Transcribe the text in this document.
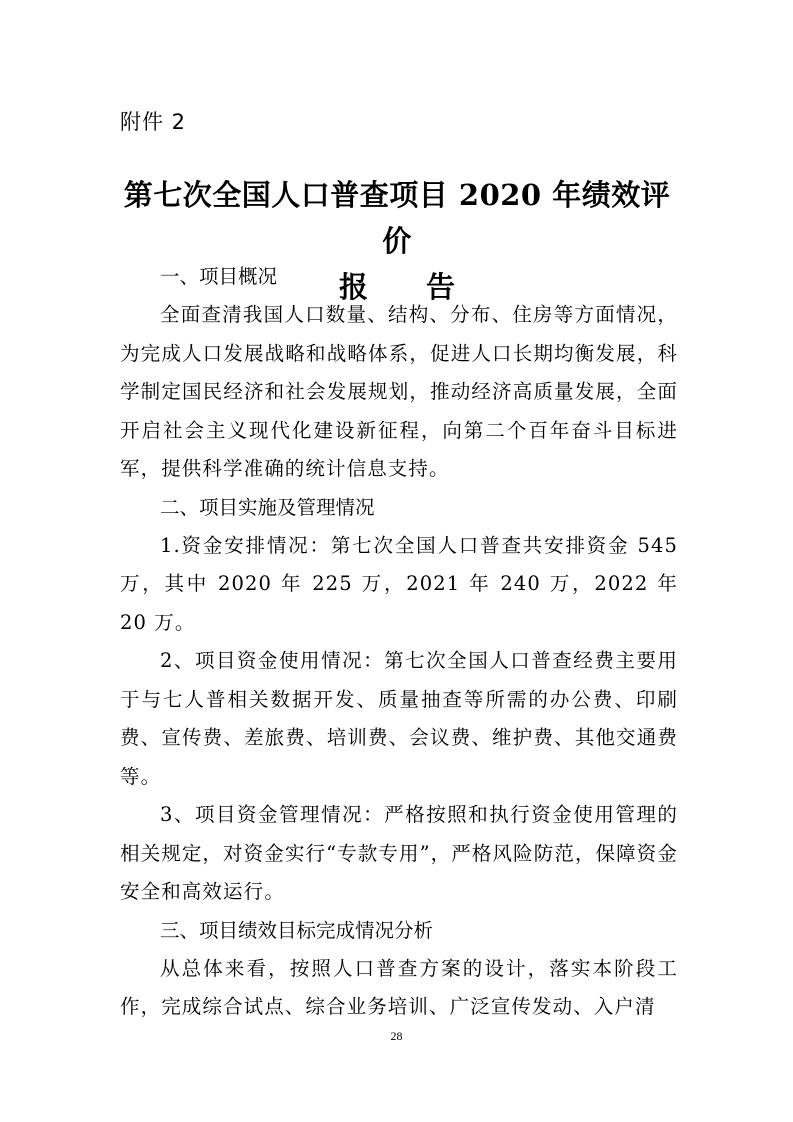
附件 2
第七次全国人口普查项目 2020 年绩效评价
报告
一、项目概况

全面查清我国人口数量、结构、分布、住房等方面情况，为完成人口发展战略和战略体系，促进人口长期均衡发展，科学制定国民经济和社会发展规划，推动经济高质量发展，全面开启社会主义现代化建设新征程，向第二个百年奋斗目标进军，提供科学准确的统计信息支持。

二、项目实施及管理情况

1.资金安排情况：第七次全国人口普查共安排资金 545 万，其中 2020 年 225 万，2021 年 240 万，2022 年 20 万。

2、项目资金使用情况：第七次全国人口普查经费主要用于与七人普相关数据开发、质量抽查等所需的办公费、印刷费、宣传费、差旅费、培训费、会议费、维护费、其他交通费等。

3、项目资金管理情况：严格按照和执行资金使用管理的相关规定，对资金实行“专款专用”，严格风险防范，保障资金安全和高效运行。

三、项目绩效目标完成情况分析

从总体来看，按照人口普查方案的设计，落实本阶段工作，完成综合试点、综合业务培训、广泛宣传发动、入户清

28
